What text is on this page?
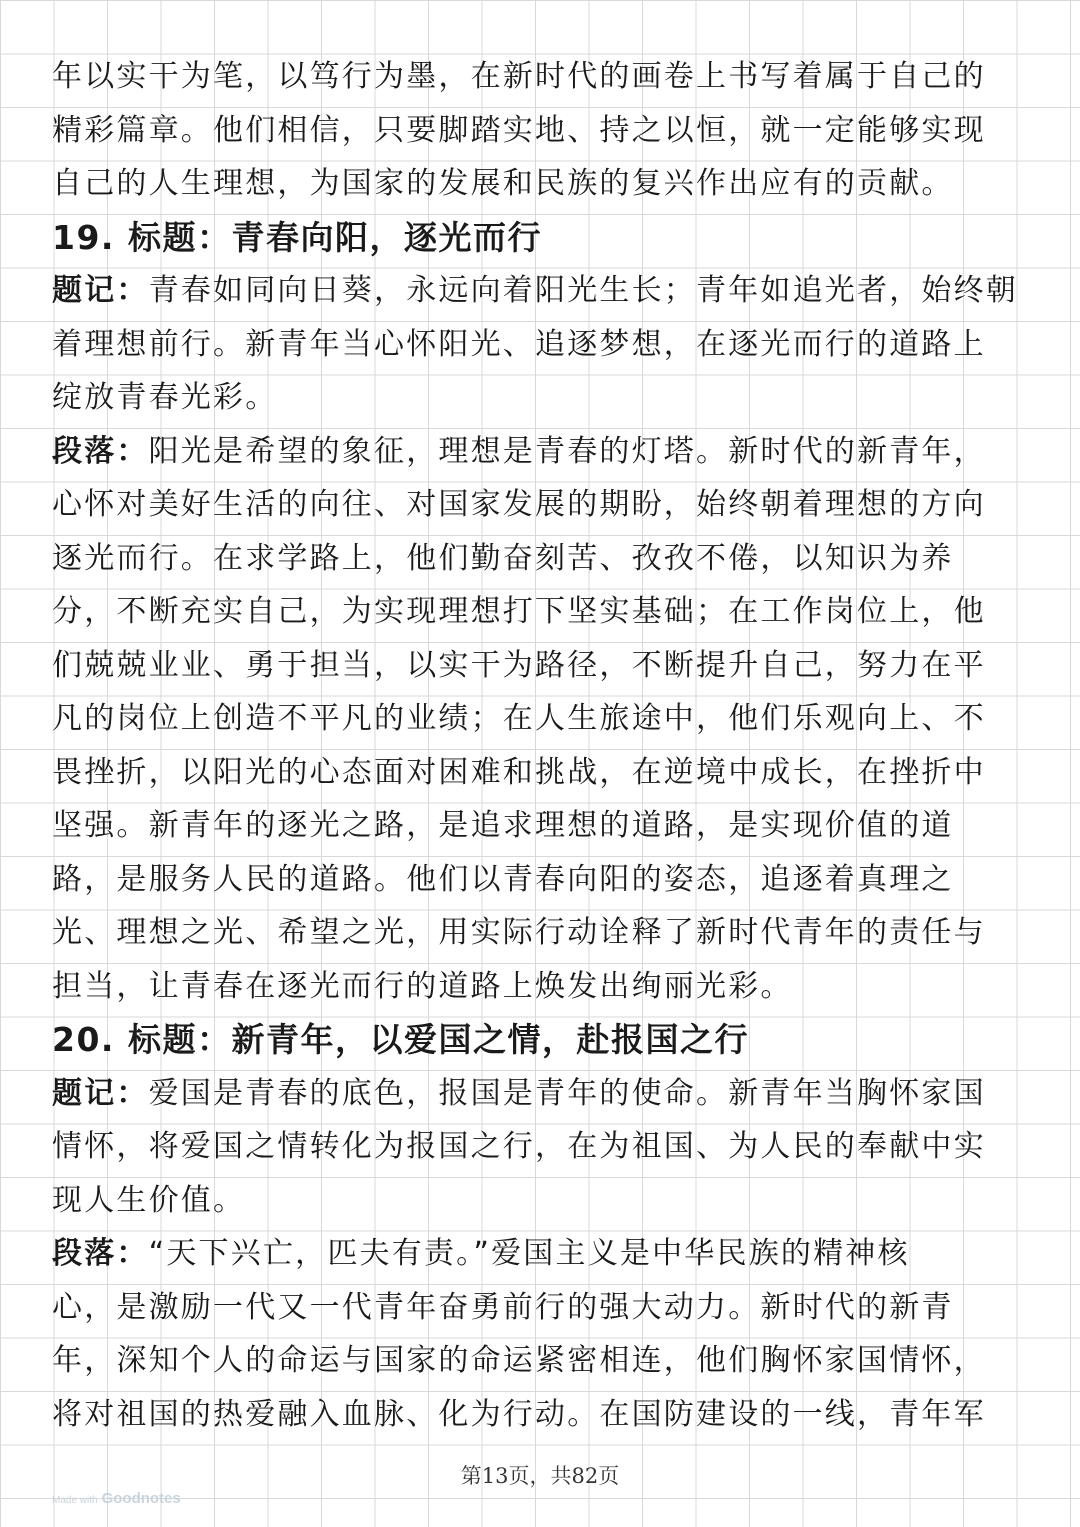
年以实干为笔，以笃行为墨，在新时代的画卷上书写着属于自己的
精彩篇章。他们相信，只要脚踏实地、持之以恒，就一定能够实现
自己的人生理想，为国家的发展和民族的复兴作出应有的贡献。
19. 标题：青春向阳，逐光而行
题记：青春如同向日葵，永远向着阳光生长；青年如追光者，始终朝
着理想前行。新青年当心怀阳光、追逐梦想，在逐光而行的道路上
绽放青春光彩。
段落：阳光是希望的象征，理想是青春的灯塔。新时代的新青年，
心怀对美好生活的向往、对国家发展的期盼，始终朝着理想的方向
逐光而行。在求学路上，他们勤奋刻苦、孜孜不倦，以知识为养
分，不断充实自己，为实现理想打下坚实基础；在工作岗位上，他
们兢兢业业、勇于担当，以实干为路径，不断提升自己，努力在平
凡的岗位上创造不平凡的业绩；在人生旅途中，他们乐观向上、不
畏挫折，以阳光的心态面对困难和挑战，在逆境中成长，在挫折中
坚强。新青年的逐光之路，是追求理想的道路，是实现价值的道
路，是服务人民的道路。他们以青春向阳的姿态，追逐着真理之
光、理想之光、希望之光，用实际行动诠释了新时代青年的责任与
担当，让青春在逐光而行的道路上焕发出绚丽光彩。
20. 标题：新青年，以爱国之情，赴报国之行
题记：爱国是青春的底色，报国是青年的使命。新青年当胸怀家国
情怀，将爱国之情转化为报国之行，在为祖国、为人民的奉献中实
现人生价值。
段落：“天下兴亡，匹夫有责。”爱国主义是中华民族的精神核
心，是激励一代又一代青年奋勇前行的强大动力。新时代的新青
年，深知个人的命运与国家的命运紧密相连，他们胸怀家国情怀，
将对祖国的热爱融入血脉、化为行动。在国防建设的一线，青年军
第13页，共82页
Made with Goodnotes
